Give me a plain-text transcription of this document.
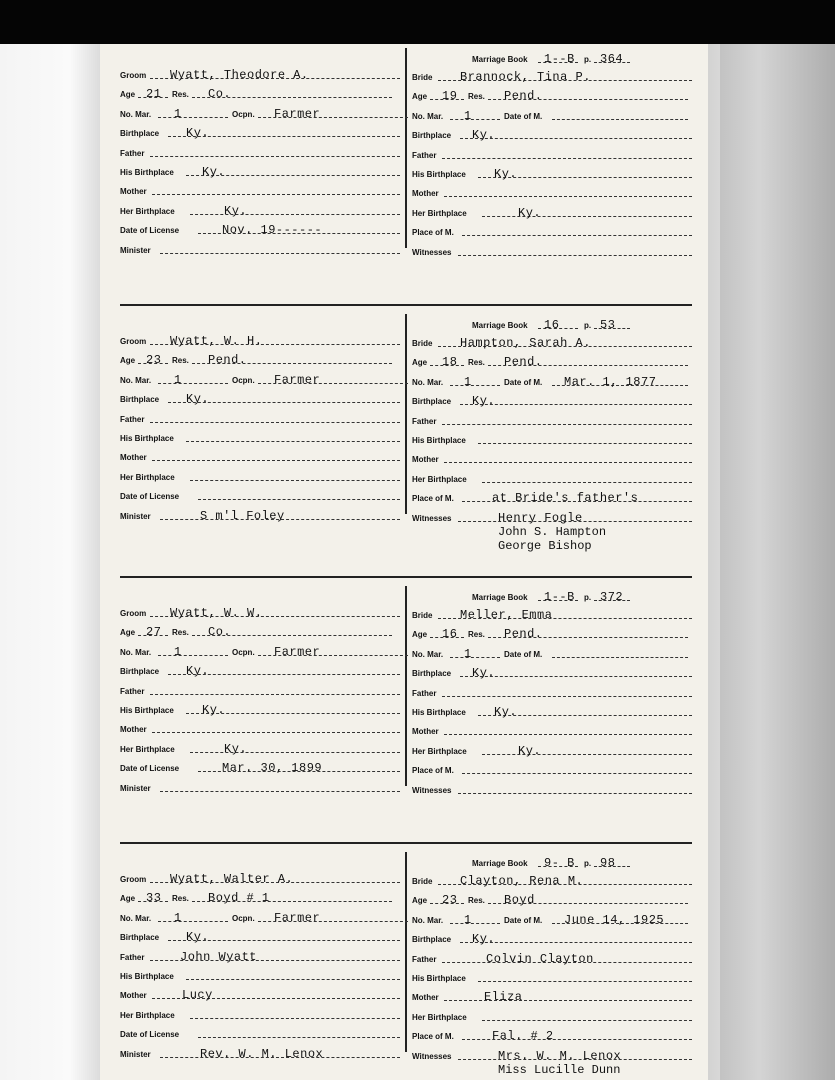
Groom Wyatt, Theodore A.
Age 21 Res. Co.
No. Mar. 1	Ocpn. Farmer
Birthplace Ky.
Father
His Birthplace Ky.
Mother
Her Birthplace	Ky.
Date of License	Nov. 19------
Minister
Marriage Book 1--B p. 364
Bride Brannock, Tina P.
Age 19 Res. Pend.
No. Mar. 1	Date of M.
Birthplace Ky.
Father
His Birthplace Ky.
Mother
Her Birthplace	Ky.
Place of M.
Witnesses
Groom Wyatt, W. H.
Age 23 Res. Pend.
No. Mar. 1	Ocpn. Farmer
Birthplace Ky.
Father
His Birthplace
Mother
Her Birthplace
Date of License
Minister	S m'l Foley
Marriage Book 16	p. 53
Bride Hampton, Sarah A.
Age 18 Res. Pend.
No. Mar. 1	Date of M. Mar. 1, 1877
Birthplace Ky.
Father
His Birthplace
Mother
Her Birthplace
Place of M.	at Bride's father's
Witnesses	Henry Fogle
John S. Hampton
George Bishop
Groom Wyatt, W. W.
Age 27 Res. Co.
No. Mar. 1	Ocpn. Farmer
Birthplace Ky.
Father
His Birthplace Ky.
Mother
Her Birthplace	Ky.
Date of License	Mar. 30, 1899
Minister
Marriage Book 1--B p. 372
Bride Meller, Emma
Age 16 Res. Pend.
No. Mar. 1	Date of M.
Birthplace Ky.
Father
His Birthplace Ky.
Mother
Her Birthplace	Ky.
Place of M.
Witnesses
Groom Wyatt, Walter A.
Age 33 Res. Boyd # 1
No. Mar. 1	Ocpn. Farmer
Birthplace Ky.
Father	John Wyatt
His Birthplace
Mother	Lucy
Her Birthplace
Date of License
Minister	Rev. W. M. Lenox
Marriage Book 9- B p. 98
Bride Clayton, Rena M.
Age 23 Res. Boyd
No. Mar. 1	Date of M. June 14, 1925
Birthplace Ky.
Father	Colvin Clayton
His Birthplace
Mother	Eliza
Her Birthplace
Place of M.	Fal. # 2
Witnesses	Mrs. W. M. Lenox
Miss Lucille Dunn
